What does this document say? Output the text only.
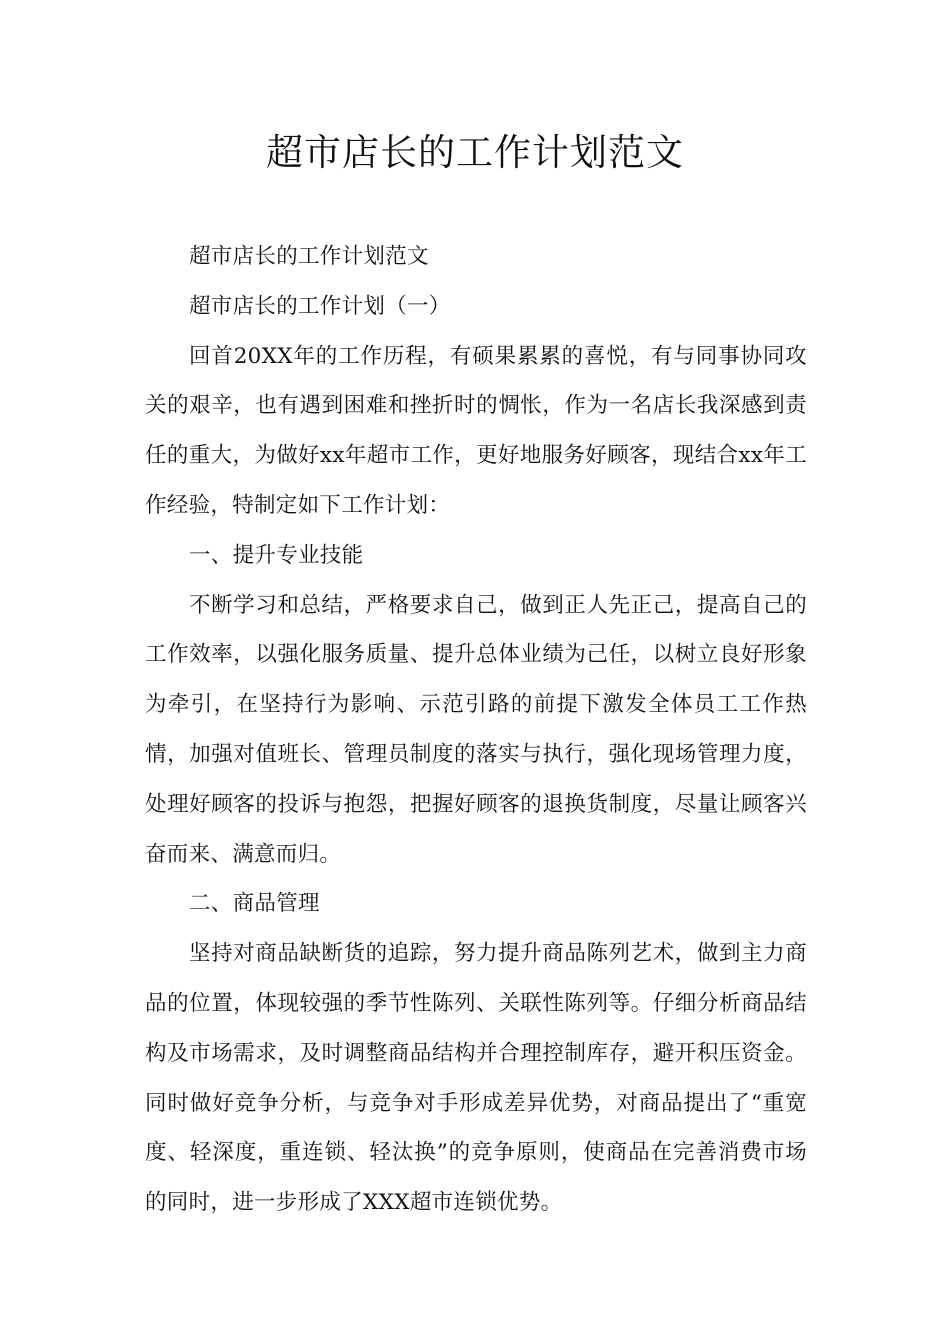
超市店长的工作计划范文

超市店长的工作计划范文

超市店长的工作计划（一）

回首20XX年的工作历程，有硕果累累的喜悦，有与同事协同攻关的艰辛，也有遇到困难和挫折时的惆怅，作为一名店长我深感到责任的重大，为做好xx年超市工作，更好地服务好顾客，现结合xx年工作经验，特制定如下工作计划：

一、提升专业技能

不断学习和总结，严格要求自己，做到正人先正己，提高自己的工作效率，以强化服务质量、提升总体业绩为己任，以树立良好形象为牵引，在坚持行为影响、示范引路的前提下激发全体员工工作热情，加强对值班长、管理员制度的落实与执行，强化现场管理力度，处理好顾客的投诉与抱怨，把握好顾客的退换货制度，尽量让顾客兴奋而来、满意而归。

二、商品管理

坚持对商品缺断货的追踪，努力提升商品陈列艺术，做到主力商品的位置，体现较强的季节性陈列、关联性陈列等。仔细分析商品结构及市场需求，及时调整商品结构并合理控制库存，避开积压资金。同时做好竞争分析，与竞争对手形成差异优势，对商品提出了“重宽度、轻深度，重连锁、轻汰换”的竞争原则，使商品在完善消费市场的同时，进一步形成了XXX超市连锁优势。
